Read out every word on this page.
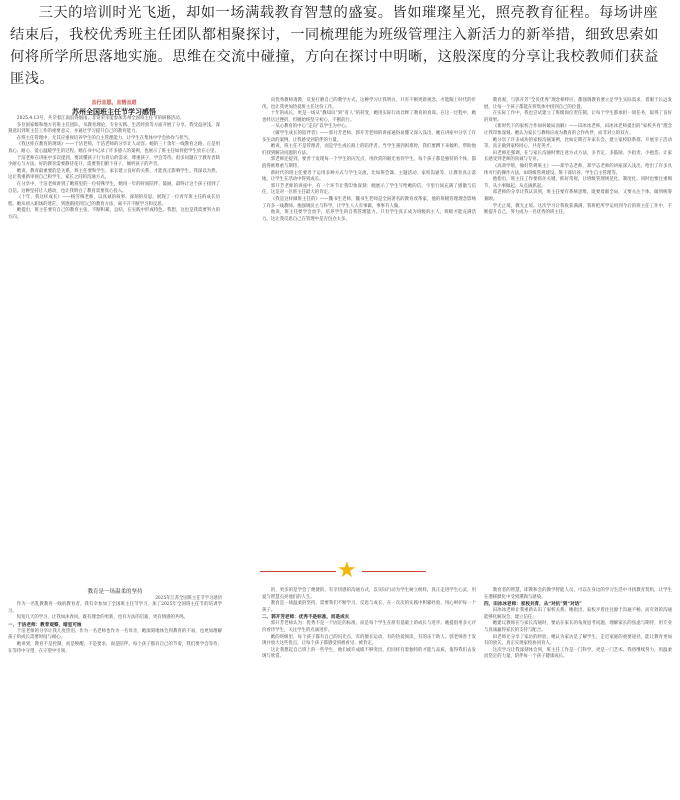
三天的培训时光飞逝，却如一场满载教育智慧的盛宴。皆如璀璨星光，照亮教育征程。每场讲座结束后，我校优秀班主任团队都相聚探讨，一同梳理能为班级管理注入新活力的新举措，细致思索如何将所学所思落地实施。思维在交流中碰撞，方向在探讨中明晰，这般深度的分享让我校教师们获益匪浅。
且行且思，且悟且进
苏州全国班主任节学习感悟

2025.4.13号，共杂着江南浪得烟雨，非常荣幸能参加苏州全国班主任节的研修活动。

多位国家级和地方名班主任团队，从教育理论、专业实践、生活经验等方面开展了分享，我受益匪浅，深刻意识到班主任工作的重要意义，并通过学习提升自己的教育能力。

在班主任管理中，尤其应重视培养学生的自主管理能力，让学生在集体中学会协作与担当。

《我这样在教育的现场》——于洁老师，于洁老师的分享让人动容。她的三十余年一线教育之路，正是用真心、耐心、爱心温暖学生的过程。她在书中记录了许多感人的案例，也展示了班主任如何把学生放在心里。

于洁老师在讲座中多次提到，要读懂孩子行为背后的需求，尊重孩子，学会等待。很多问题在于教育者缺少耐心与方法，好的教育需要静待花开，需要我们俯下身子，倾听孩子的声音。

她说，教育最重要的是关系。班主任要和学生、家长建立良好的关系，才能真正影响学生。我深以为然，这让我重新审视自己和学生、家长之间的沟通方式。

在分享中，于洁老师讲到了她班里的一位特殊学生，她用一年的时间陪伴、鼓励，最终让这个孩子找到了自信。这种坚持让人感动，也让我明白了教育需要真心投入。

《十年，我这样成长》——杨雪梅老师，以真诚的叙事、深刻的反思，展现了一位青年班主任的成长历程。她从初入职场的迷茫，到逐渐找到自己的教育方法，离不开不断学习和反思。

她提出，班主任要有自己的教育主张，不断积累、总结，在实践中形成特色。我想，这也是我需要努力的方向。

向优秀教师请教，反复打磨自己的教学方式，这种学习让我明白，只有不断更新观念，才能跟上时代的步伐，也让我更加热爱班主任这份工作。

十年的成长，更是一场从“教知识”到“育人”的转变，她用实际行动诠释了教育的真谛。在这一过程中，她也经历过挫折，但她始终坚守初心，不断前行。

一从心教育的中心“走向”以学生为中心。

《做学生成长的陪伴者》——郭开芳老师，郭开芳老师的讲座通俗易懂又深入浅出，她在讲座中分享了许多生动的案例，让我感受到陪伴的力量。

她说，班主任不是管理者，而是学生成长路上的陪伴者。当学生遇到困难时，我们要蹲下来倾听，帮助他们找到解决问题的方法。

郭老师还提到，要善于发现每一个学生的闪光点，用欣赏的眼光看待学生。每个孩子都是独特的个体，都值得被尊重与期待。

新时代的班主任要善于运用多种方式与学生交流，比如班会课、主题活动、家校沟通等，让教育真正落地，让学生在活动中得到成长。

郭开芳老师的讲座中，有一个环节让我印象深刻：她展示了学生写给她的信，字里行间充满了感激与信任，这是对一位班主任最大的肯定。

《我是这样做班主任的》——魏书生老师，魏书生老师是全国著名的教育改革家，他的班级管理理念影响了许多一线教师。他强调民主与科学，让学生人人有事做，事事有人做。

他说，班主任要学会放手，培养学生的自我管理能力。只有学生真正成为班级的主人，班级才能充满活力。这让我反思自己在管理中是否包办太多。

教育观，与郭开芳“全员优秀”理念相呼应，都强调教育要立足学生实际需求，着眼于长远发展，让每一个孩子都能在班集体中找到自己的位置。

在实际工作中，我也尝试建立了班级岗位责任制，让每个学生都承担一项任务，取得了良好的效果。

《新时代下的家校合作如何破局而解》——田冰冰老师，田冰冰老师提出的“家校共育”理念让我印象深刻。她认为家长与教师应成为教育的合作伙伴，而非对立的双方。

她分享了许多成功的家校沟通案例，比如定期召开家长会、建立家校联系群、开展亲子活动等，真正做到家校同心、共育英才。

田老师还强调，在与家长沟通时要注意方式方法，多肯定、多鼓励，少指责、少抱怨，让家长感受到老师的真诚与专业。

《高效学班，做好常规班主》——郑学志老师，郑学志老师的讲座深入浅出，给出了许多具体可行的操作方法，如班级常规建设、班干部培养、学生自主管理等。

他指出，班主任工作要抓住关键，抓好常规，让班级管理规范化、制度化。同时也要注重细节，从小事做起，从点滴抓起。

郑老师的分享让我认识到，班主任要有系统思维，既要着眼全局，又要关注个体，做到统筹兼顾。

学无止境，教无止境。这次学习让我收获满满，我将把所学运用到今后的班主任工作中，不断提升自己，努力成为一名优秀的班主任。

★
教育是一场温柔的坚持
2025年江苏全国班主任节学习感悟

作为一名乳教教育一线的教育者，我有幸参加了全国班主任节学习，加了2025年全国班主任节的培训学习。

短短几天的学习，让我如沐春风，既有理念的更新，也有方法的启迪，更有情感的共鸣。

一、于洁老师：教育观察，暗室可烛

于洁老师的分享让我几度热泪。作为一名老师也作为一名母亲，她深刻地体会到教育的不易，也更加理解孩子的成长需要时间与耐心。

她讲到，教育不是控制，而是唤醒；不是要求，而是陪伴。每个孩子都有自己的节奏，我们要学会等待，在等待中守望，在守望中引领。

的，更多的是学会了便捷的、有亲切感的沟通方式，以实际行动为学生树立榜样，真正走进学生心灵，用爱与智慧点亮他们的人生。

教育是一场温柔的坚持，需要我们不断学习、反思与成长，在一次次的实践中积累经验，用心呵护每一个孩子。

二、郭开芳老师：优秀不是标准，而是成长

郭开芳老师认为：优秀不是一个固定的标准，而是每个学生在原有基础上的成长与进步。她提倡用多元评价看待学生，关注学生的点滴进步。

她的班级里，每个孩子都有自己的闪光点，有的擅长运动，有的热爱阅读，有的乐于助人。郭老师善于发现并放大这些优点，让每个孩子都感受到被看见、被肯定。

这让我想起自己班上的一些学生，他们或许成绩不够突出，但同样有着独特的才能与品质，值得我们去发现与欣赏。

教育者的智慧，即教和会的教学智能人员，可以在身边的学习生活中寻找教育契机，让学生在潜移默化中受到熏陶与感染。

四、田冰冰老师：家校共育，从“对抗”到“对话”

田冰冰老师让我重新认识了家校关系。她指出，家校矛盾往往源于沟通不畅，而有效的沟通能够化解误会，建立信任。

她建议教师在与家长沟通时，要站在家长的角度思考问题，理解家长的焦虑与期待，用专业与真诚赢得家长的支持与配合。

田老师还分享了家访的经验，她认为家访是了解学生、走近家庭的重要途径，能让教育更加有的放矢，真正实现家校协同育人。

这次学习让我深刻体会到，班主任工作是一门科学，更是一门艺术。我将继续努力，用温柔而坚定的力量，陪伴每一个孩子健康成长。
